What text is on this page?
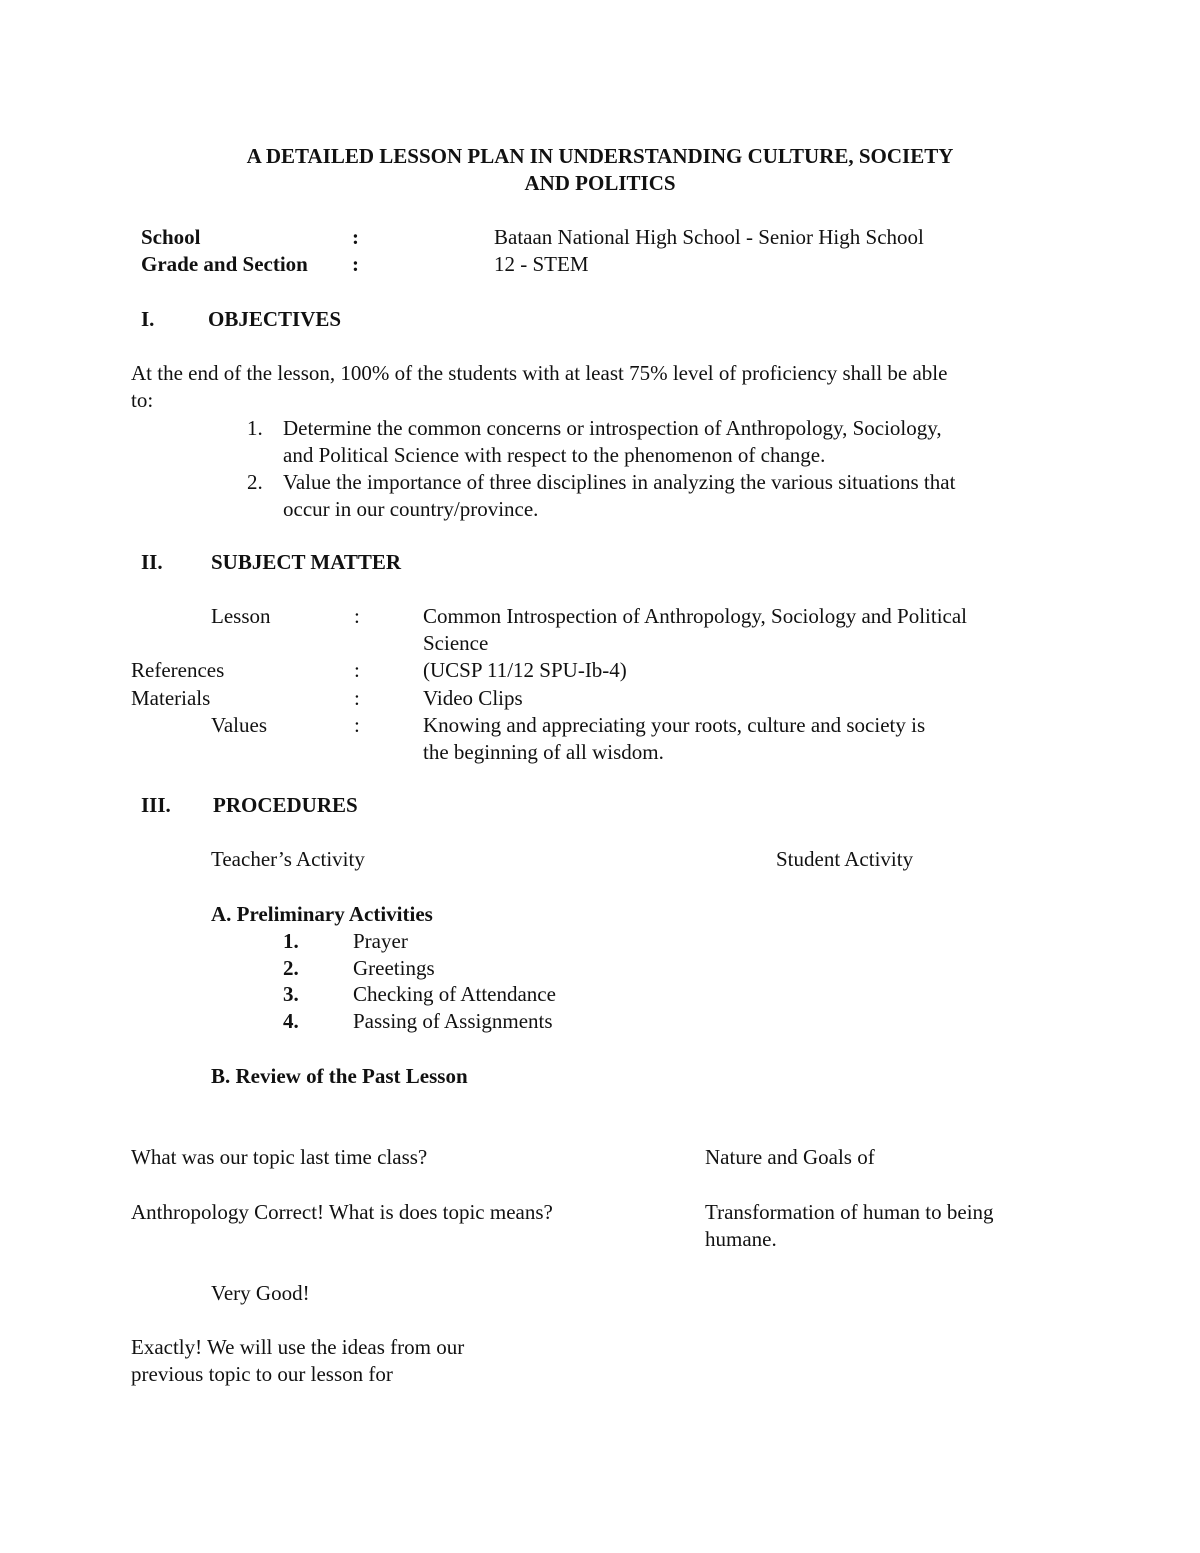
A DETAILED LESSON PLAN IN UNDERSTANDING CULTURE, SOCIETY
AND POLITICS
School	:	Bataan National High School - Senior High School
Grade and Section :	12 - STEM
I.	OBJECTIVES
At the end of the lesson, 100% of the students with at least 75% level of proficiency shall be able
to:
1. Determine the common concerns or introspection of Anthropology, Sociology,
and Political Science with respect to the phenomenon of change.
2. Value the importance of three disciplines in analyzing the various situations that
occur in our country/province.
II. SUBJECT MATTER
Lesson	:	Common Introspection of Anthropology, Sociology and Political
Science
References	:	(UCSP 11/12 SPU-Ib-4)
Materials	:	Video Clips
Values	:	Knowing and appreciating your roots, culture and society is
the beginning of all wisdom.
III. PROCEDURES
Teacher’s Activity	Student Activity
A. Preliminary Activities
1.	Prayer
2.	Greetings
3.	Checking of Attendance
4.	Passing of Assignments
B. Review of the Past Lesson
What was our topic last time class?	Nature and Goals of
Anthropology Correct! What is does topic means?	Transformation of human to being
humane.
Very Good!
Exactly! We will use the ideas from our
previous topic to our lesson for
